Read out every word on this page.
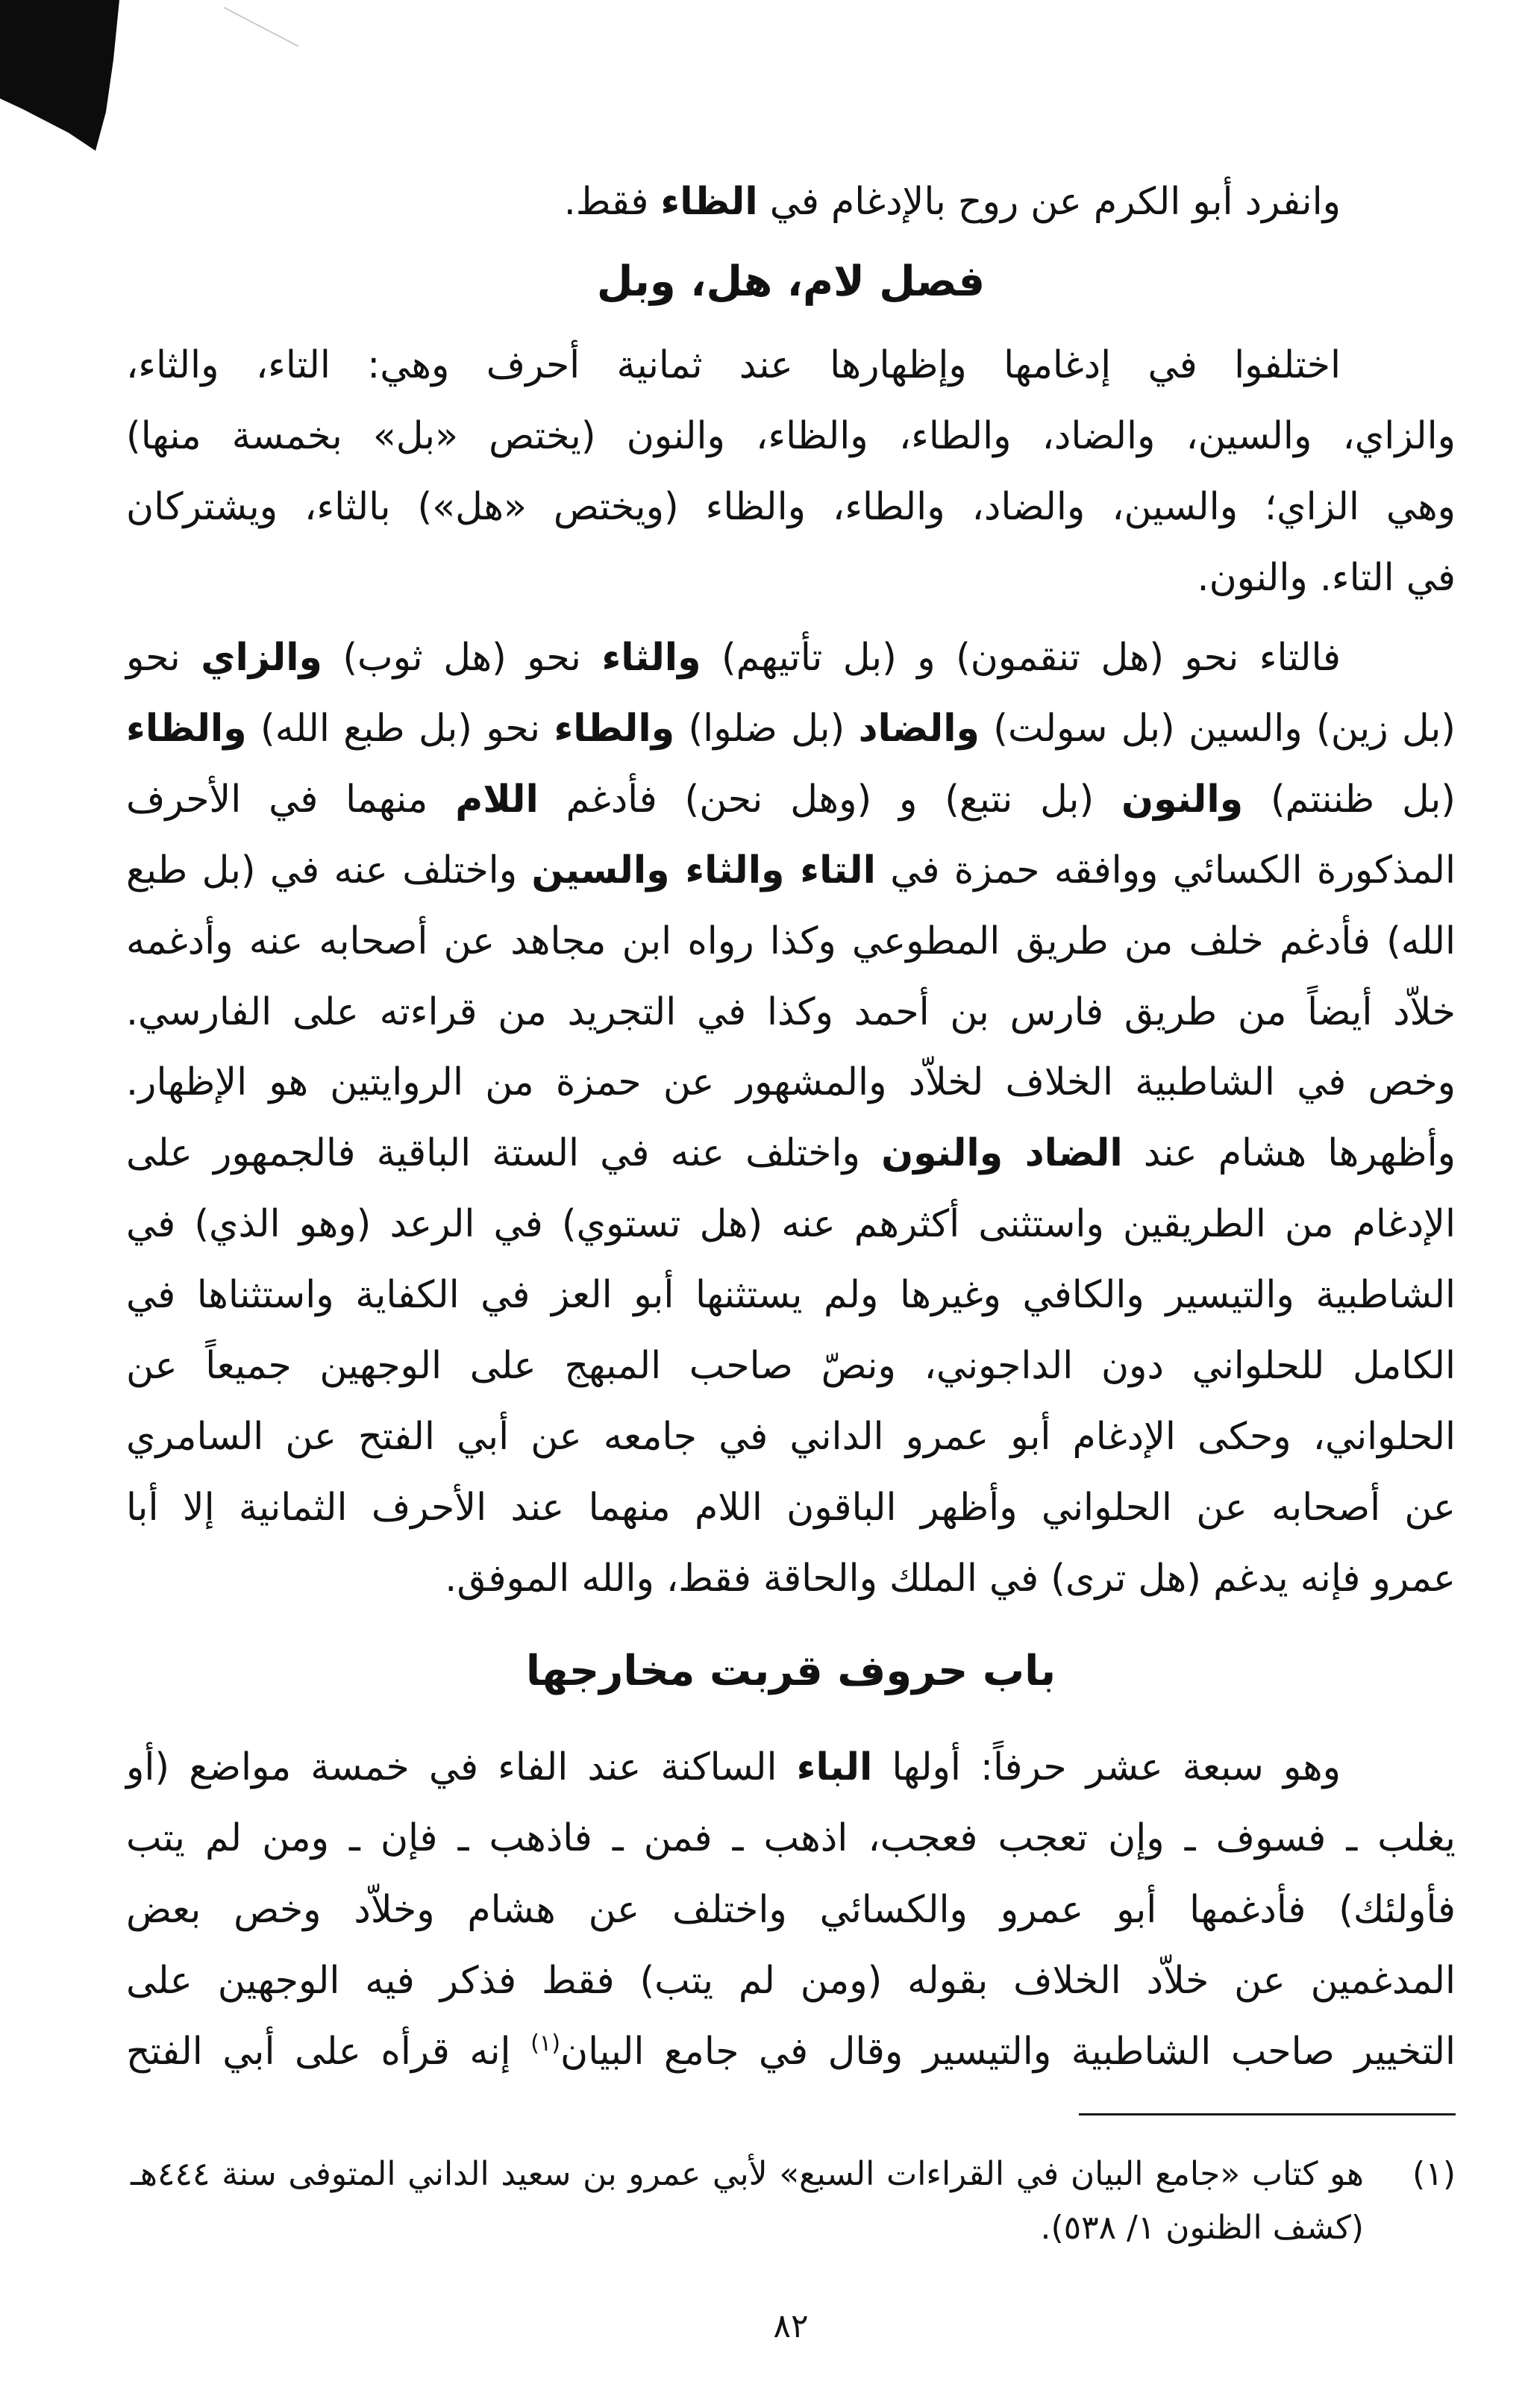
وانفرد أبو الكرم عن روح بالإدغام في الظاء فقط.
فصل لام، هل، وبل
اختلفوا في إدغامها وإظهارها عند ثمانية أحرف وهي: التاء، والثاء،
والزاي، والسين، والضاد، والطاء، والظاء، والنون (يختص «بل» بخمسة منها)
وهي الزاي؛ والسين، والضاد، والطاء، والظاء (ويختص «هل») بالثاء، ويشتركان
في التاء. والنون.
فالتاء نحو (هل تنقمون) و (بل تأتيهم) والثاء نحو (هل ثوب) والزاي نحو
(بل زين) والسين (بل سولت) والضاد (بل ضلوا) والطاء نحو (بل طبع الله) والظاء
(بل ظننتم) والنون (بل نتبع) و (وهل نحن) فأدغم اللام منهما في الأحرف
المذكورة الكسائي ووافقه حمزة في التاء والثاء والسين واختلف عنه في (بل طبع
الله) فأدغم خلف من طريق المطوعي وكذا رواه ابن مجاهد عن أصحابه عنه وأدغمه
خلاّد أيضاً من طريق فارس بن أحمد وكذا في التجريد من قراءته على الفارسي.
وخص في الشاطبية الخلاف لخلاّد والمشهور عن حمزة من الروايتين هو الإظهار.
وأظهرها هشام عند الضاد والنون واختلف عنه في الستة الباقية فالجمهور على
الإدغام من الطريقين واستثنى أكثرهم عنه (هل تستوي) في الرعد (وهو الذي) في
الشاطبية والتيسير والكافي وغيرها ولم يستثنها أبو العز في الكفاية واستثناها في
الكامل للحلواني دون الداجوني، ونصّ صاحب المبهج على الوجهين جميعاً عن
الحلواني، وحكى الإدغام أبو عمرو الداني في جامعه عن أبي الفتح عن السامري
عن أصحابه عن الحلواني وأظهر الباقون اللام منهما عند الأحرف الثمانية إلا أبا
عمرو فإنه يدغم (هل ترى) في الملك والحاقة فقط، والله الموفق.
باب حروف قربت مخارجها
وهو سبعة عشر حرفاً: أولها الباء الساكنة عند الفاء في خمسة مواضع (أو
يغلب ـ فسوف ـ وإن تعجب فعجب، اذهب ـ فمن ـ فاذهب ـ فإن ـ ومن لم يتب
فأولئك) فأدغمها أبو عمرو والكسائي واختلف عن هشام وخلاّد وخص بعض
المدغمين عن خلاّد الخلاف بقوله (ومن لم يتب) فقط فذكر فيه الوجهين على
التخيير صاحب الشاطبية والتيسير وقال في جامع البيان$^{(١)}$ إنه قرأه على أبي الفتح
(١)
هو كتاب «جامع البيان في القراءات السبع» لأبي عمرو بن سعيد الداني المتوفى سنة ٤٤٤هـ
(كشف الظنون ١/ ٥٣٨).
٨٢
